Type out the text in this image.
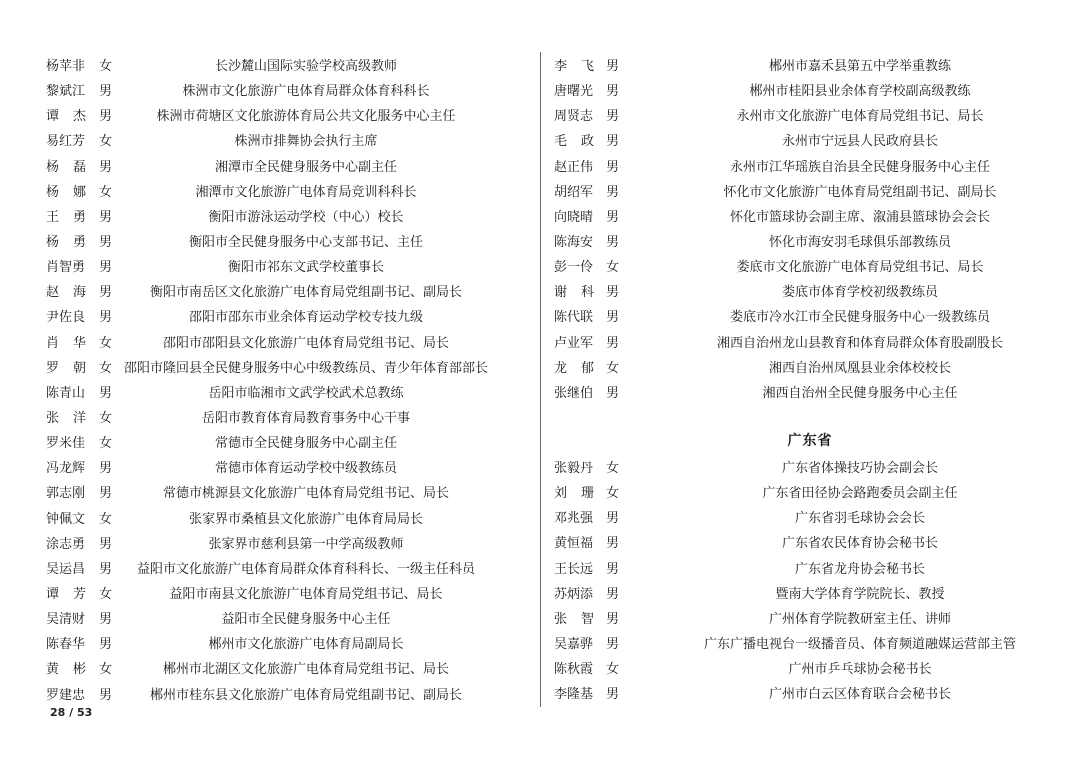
杨苹非 女	长沙麓山国际实验学校高级教师
黎斌江 男	株洲市文化旅游广电体育局群众体育科科长
谭杰 男	株洲市荷塘区文化旅游体育局公共文化服务中心主任
易红芳 女	株洲市排舞协会执行主席
杨磊 男	湘潭市全民健身服务中心副主任
杨娜 女	湘潭市文化旅游广电体育局竞训科科长
王勇 男	衡阳市游泳运动学校（中心）校长
杨勇 男	衡阳市全民健身服务中心支部书记、主任
肖智勇 男	衡阳市祁东文武学校董事长
赵海 男	衡阳市南岳区文化旅游广电体育局党组副书记、副局长
尹佐良 男	邵阳市邵东市业余体育运动学校专技九级
肖华 女	邵阳市邵阳县文化旅游广电体育局党组书记、局长
罗朝 女 邵阳市隆回县全民健身服务中心中级教练员、青少年体育部部长
陈青山 男	岳阳市临湘市文武学校武术总教练
张洋 女	岳阳市教育体育局教育事务中心干事
罗米佳 女	常德市全民健身服务中心副主任
冯龙辉 男	常德市体育运动学校中级教练员
郭志刚 男	常德市桃源县文化旅游广电体育局党组书记、局长
钟佩文 女	张家界市桑植县文化旅游广电体育局局长
涂志勇 男	张家界市慈利县第一中学高级教师
吴运昌 男	益阳市文化旅游广电体育局群众体育科科长、一级主任科员
谭芳 女	益阳市南县文化旅游广电体育局党组书记、局长
吴清财 男	益阳市全民健身服务中心主任
陈春华 男	郴州市文化旅游广电体育局副局长
黄彬 女	郴州市北湖区文化旅游广电体育局党组书记、局长
罗建忠 男	郴州市桂东县文化旅游广电体育局党组副书记、副局长
李飞 男	郴州市嘉禾县第五中学举重教练
唐曙光 男	郴州市桂阳县业余体育学校副高级教练
周贤志 男	永州市文化旅游广电体育局党组书记、局长
毛政 男	永州市宁远县人民政府县长
赵正伟 男	永州市江华瑶族自治县全民健身服务中心主任
胡绍军 男	怀化市文化旅游广电体育局党组副书记、副局长
向晓晴 男	怀化市篮球协会副主席、溆浦县篮球协会会长
陈海安 男	怀化市海安羽毛球俱乐部教练员
彭一伶 女	娄底市文化旅游广电体育局党组书记、局长
谢科 男	娄底市体育学校初级教练员
陈代联 男	娄底市冷水江市全民健身服务中心一级教练员
卢业军 男	湘西自治州龙山县教育和体育局群众体育股副股长
龙郁 女	湘西自治州凤凰县业余体校校长
张继伯 男	湘西自治州全民健身服务中心主任
广东省
张毅丹 女	广东省体操技巧协会副会长
刘珊 女	广东省田径协会路跑委员会副主任
邓兆强 男	广东省羽毛球协会会长
黄恒福 男	广东省农民体育协会秘书长
王长远 男	广东省龙舟协会秘书长
苏炳添 男	暨南大学体育学院院长、教授
张智 男	广州体育学院教研室主任、讲师
吴嘉骅 男	广东广播电视台一级播音员、体育频道融媒运营部主管
陈秋霞 女	广州市乒乓球协会秘书长
李隆基 男	广州市白云区体育联合会秘书长
28 / 53
